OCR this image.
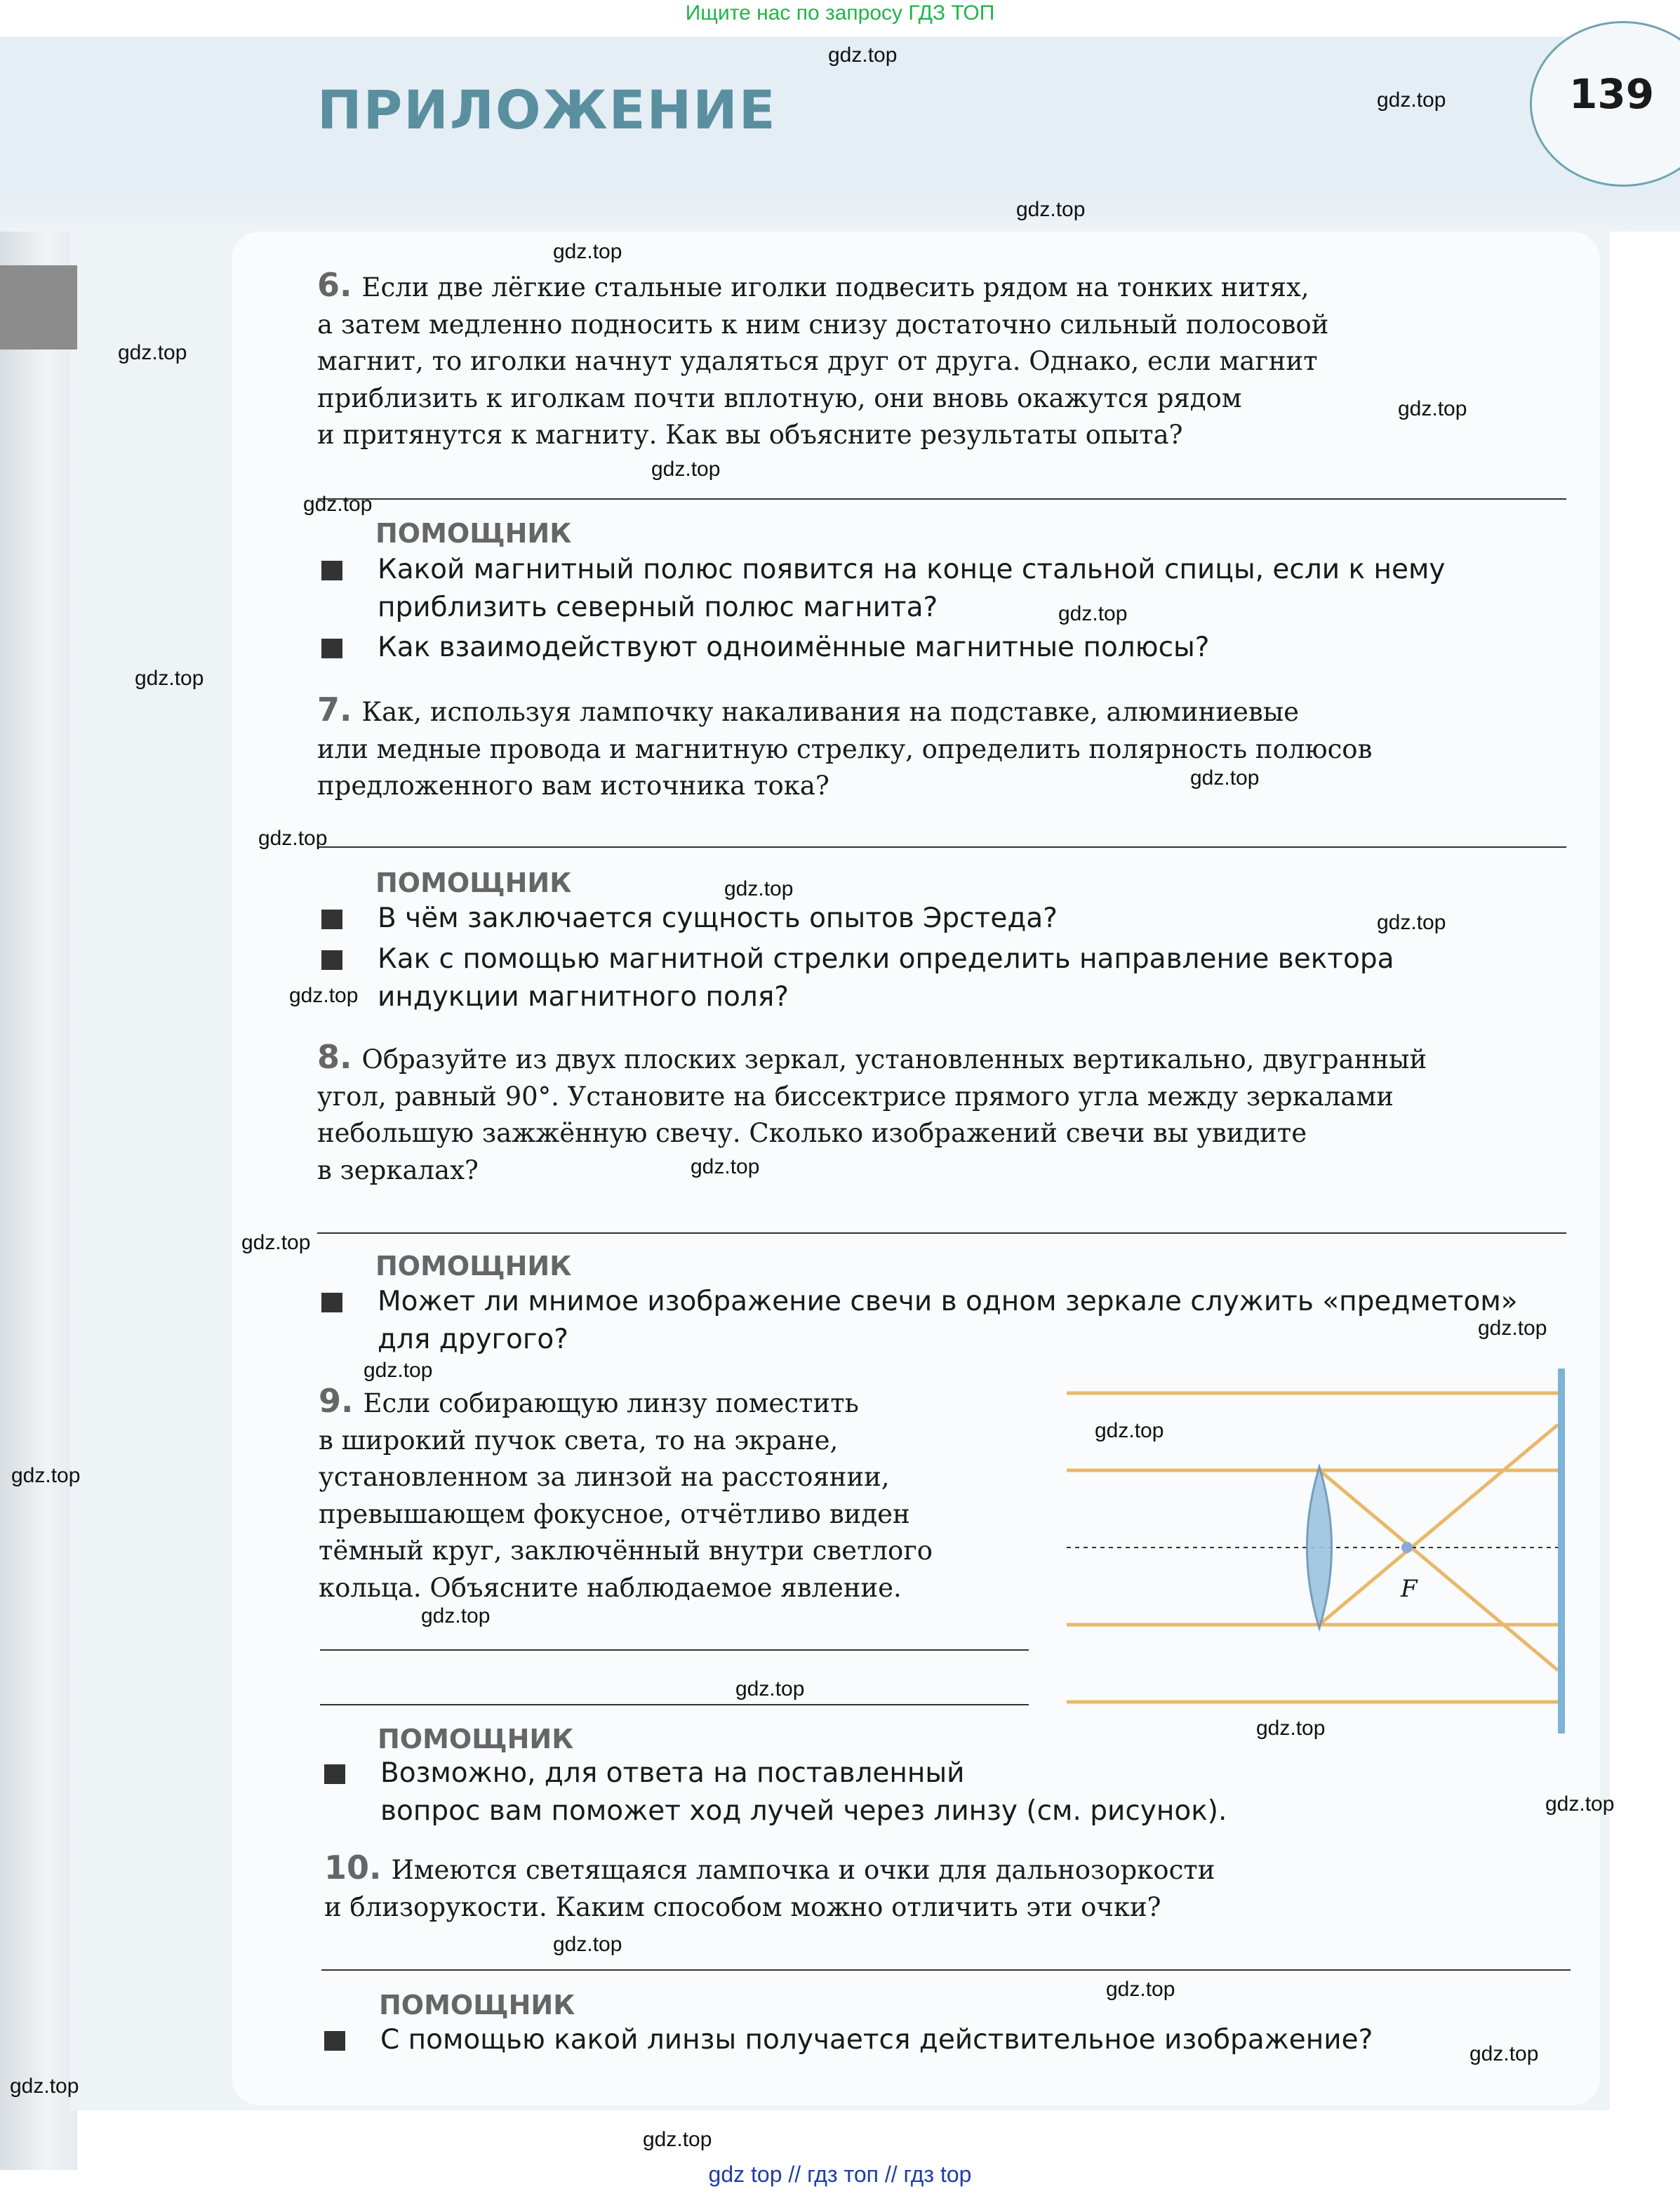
Ищите нас по запросу ГДЗ ТОП
ПРИЛОЖЕНИЕ	139
6. Если две лёгкие стальные иголки подвесить рядом на тонких нитях,
а затем медленно подносить к ним снизу достаточно сильный полосовой
магнит, то иголки начнут удаляться друг от друга. Однако, если магнит
приблизить к иголкам почти вплотную, они вновь окажутся рядом
и притянутся к магниту. Как вы объясните результаты опыта?
ПОМОЩНИК
Какой магнитный полюс появится на конце стальной спицы, если к нему
приблизить северный полюс магнита?
Как взаимодействуют одноимённые магнитные полюсы?
7. Как, используя лампочку накаливания на подставке, алюминиевые
или медные провода и магнитную стрелку, определить полярность полюсов
предложенного вам источника тока?
ПОМОЩНИК
В чём заключается сущность опытов Эрстеда?
Как с помощью магнитной стрелки определить направление вектора
индукции магнитного поля?
8. Образуйте из двух плоских зеркал, установленных вертикально, двугранный
угол, равный 90°. Установите на биссектрисе прямого угла между зеркалами
небольшую зажжённую свечу. Сколько изображений свечи вы увидите
в зеркалах?
ПОМОЩНИК
Может ли мнимое изображение свечи в одном зеркале служить «предметом»
для другого?
9. Если собирающую линзу поместить
в широкий пучок света, то на экране,
установленном за линзой на расстоянии,
превышающем фокусное, отчётливо виден
тёмный круг, заключённый внутри светлого
кольца. Объясните наблюдаемое явление.
ПОМОЩНИК
Возможно, для ответа на поставленный
вопрос вам поможет ход лучей через линзу (см. рисунок).
F
10. Имеются светящаяся лампочка и очки для дальнозоркости
и близорукости. Каким способом можно отличить эти очки?
ПОМОЩНИК
С помощью какой линзы получается действительное изображение?
gdz.top
gdz.top
gdz.top
gdz.top
gdz.top
gdz.top
gdz.top
gdz.top
gdz.top
gdz.top
gdz.top
gdz.top
gdz.top
gdz.top
gdz.top
gdz.top
gdz.top
gdz.top
gdz.top
gdz.top
gdz.top
gdz.top
gdz.top
gdz.top
gdz.top
gdz.top
gdz.top
gdz.top
gdz.top
gdz.top
gdz top // гдз топ // гдз top
